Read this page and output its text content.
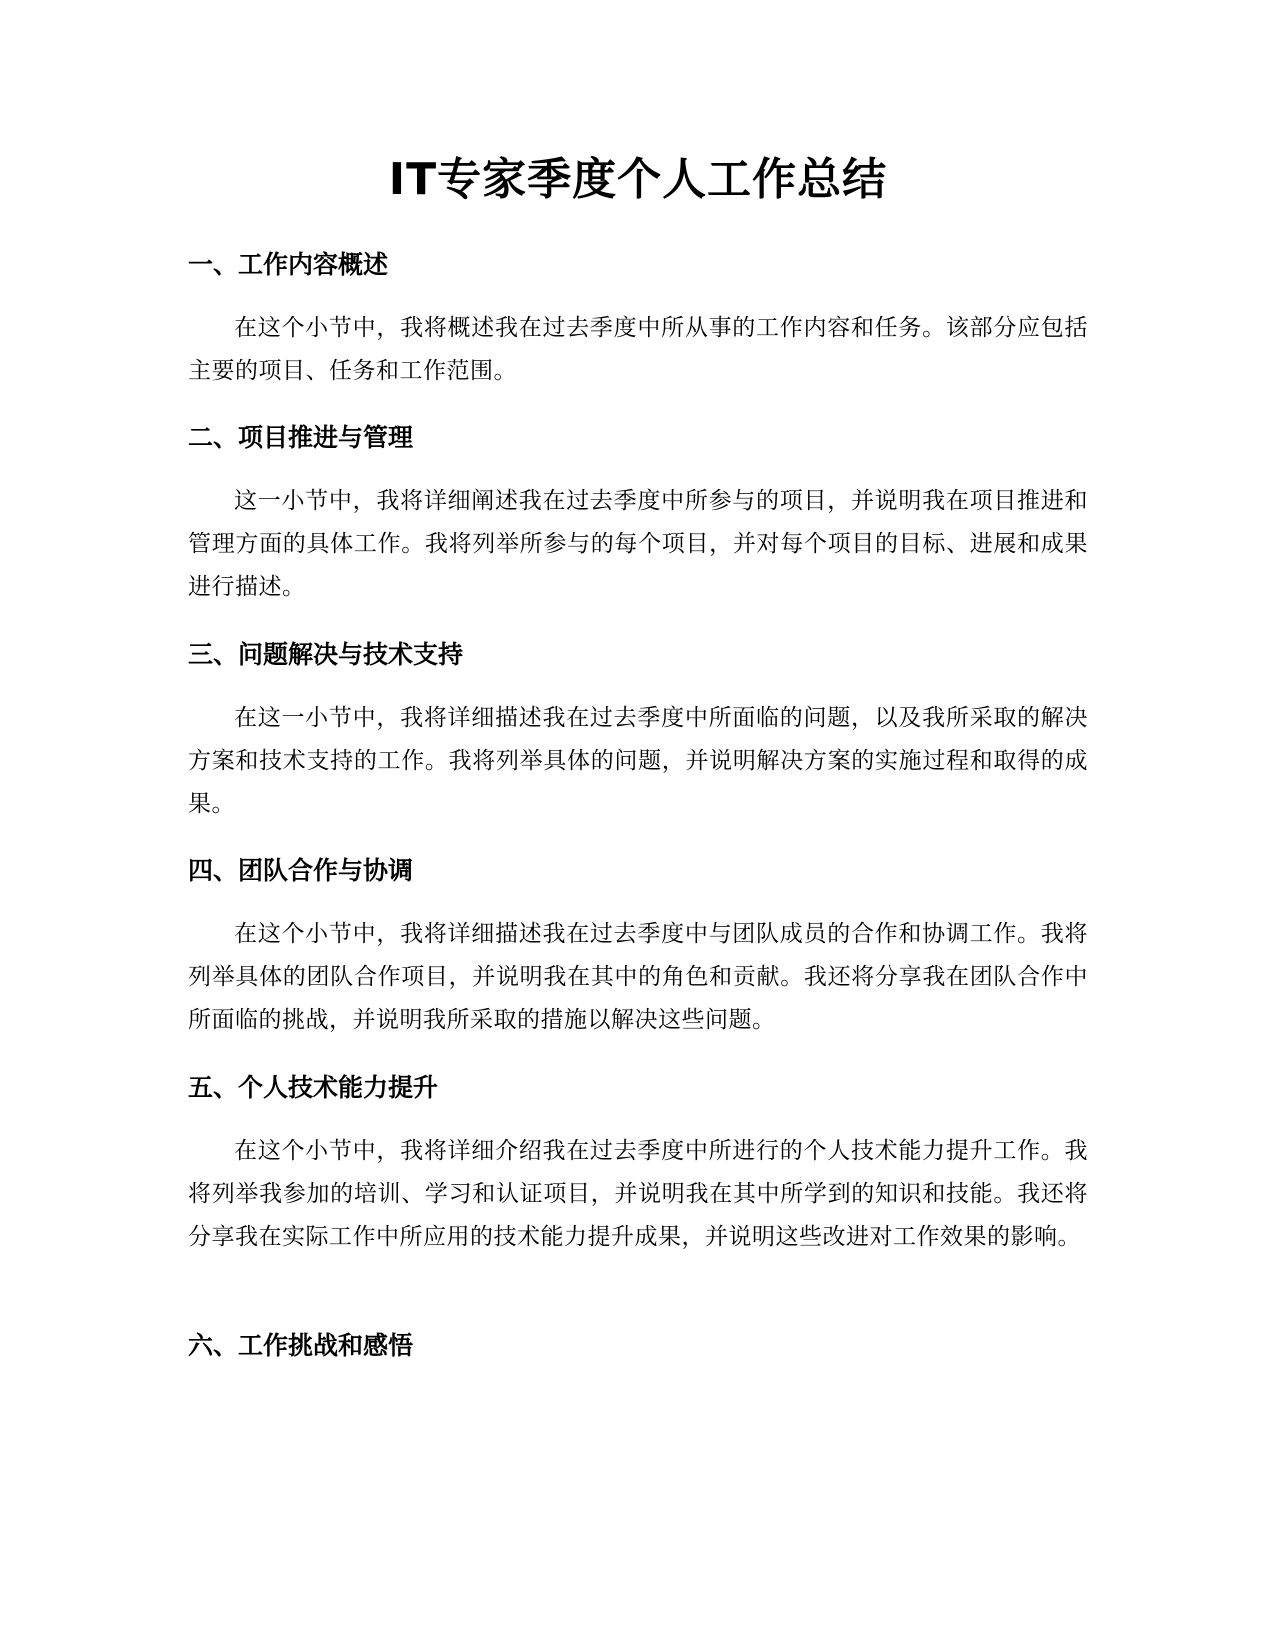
IT专家季度个人工作总结
一、工作内容概述

在这个小节中，我将概述我在过去季度中所从事的工作内容和任务。该部分应包括主要的项目、任务和工作范围。

二、项目推进与管理

这一小节中，我将详细阐述我在过去季度中所参与的项目，并说明我在项目推进和管理方面的具体工作。我将列举所参与的每个项目，并对每个项目的目标、进展和成果进行描述。

三、问题解决与技术支持

在这一小节中，我将详细描述我在过去季度中所面临的问题，以及我所采取的解决方案和技术支持的工作。我将列举具体的问题，并说明解决方案的实施过程和取得的成果。

四、团队合作与协调

在这个小节中，我将详细描述我在过去季度中与团队成员的合作和协调工作。我将列举具体的团队合作项目，并说明我在其中的角色和贡献。我还将分享我在团队合作中所面临的挑战，并说明我所采取的措施以解决这些问题。

五、个人技术能力提升

在这个小节中，我将详细介绍我在过去季度中所进行的个人技术能力提升工作。我将列举我参加的培训、学习和认证项目，并说明我在其中所学到的知识和技能。我还将分享我在实际工作中所应用的技术能力提升成果，并说明这些改进对工作效果的影响。

六、工作挑战和感悟
